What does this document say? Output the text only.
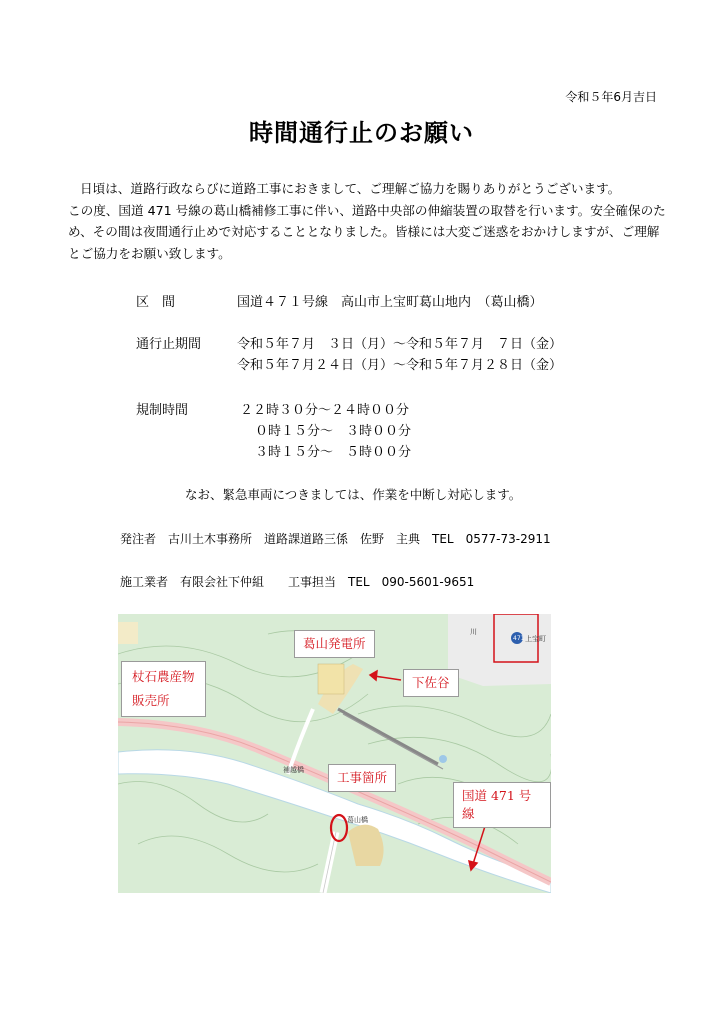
令和５年6月吉日
時間通行止のお願い

日頃は、道路行政ならびに道路工事におきまして、ご理解ご協力を賜りありがとうございます。

この度、国道 471 号線の葛山橋補修工事に伴い、道路中央部の伸縮装置の取替を行います。安全確保のため、その間は夜間通行止めで対応することとなりました。皆様には大変ご迷惑をおかけしますが、ご理解とご協力をお願い致します。

区　間	国道４７１号線　高山市上宝町葛山地内　（葛山橋）
通行止期間	令和５年７月　３日（月）～令和５年７月　７日（金）
令和５年７月２４日（月）～令和５年７月２８日（金）
規制時間	２２時３０分～２４時００分
０時１５分～　３時００分
３時１５分～　５時００分
なお、緊急車両につきましては、作業を中断し対応します。
発注者　古川土木事務所　道路課道路三係　佐野　主典　TEL　0577-73-2911
施工業者　有限会社下仲組　　工事担当　TEL　090-5601-9651
葛山発電所
下佐谷
杖石農産物
販売所
工事箇所
国道 471 号線
補越橋
葛山橋
川
471 上宝町
